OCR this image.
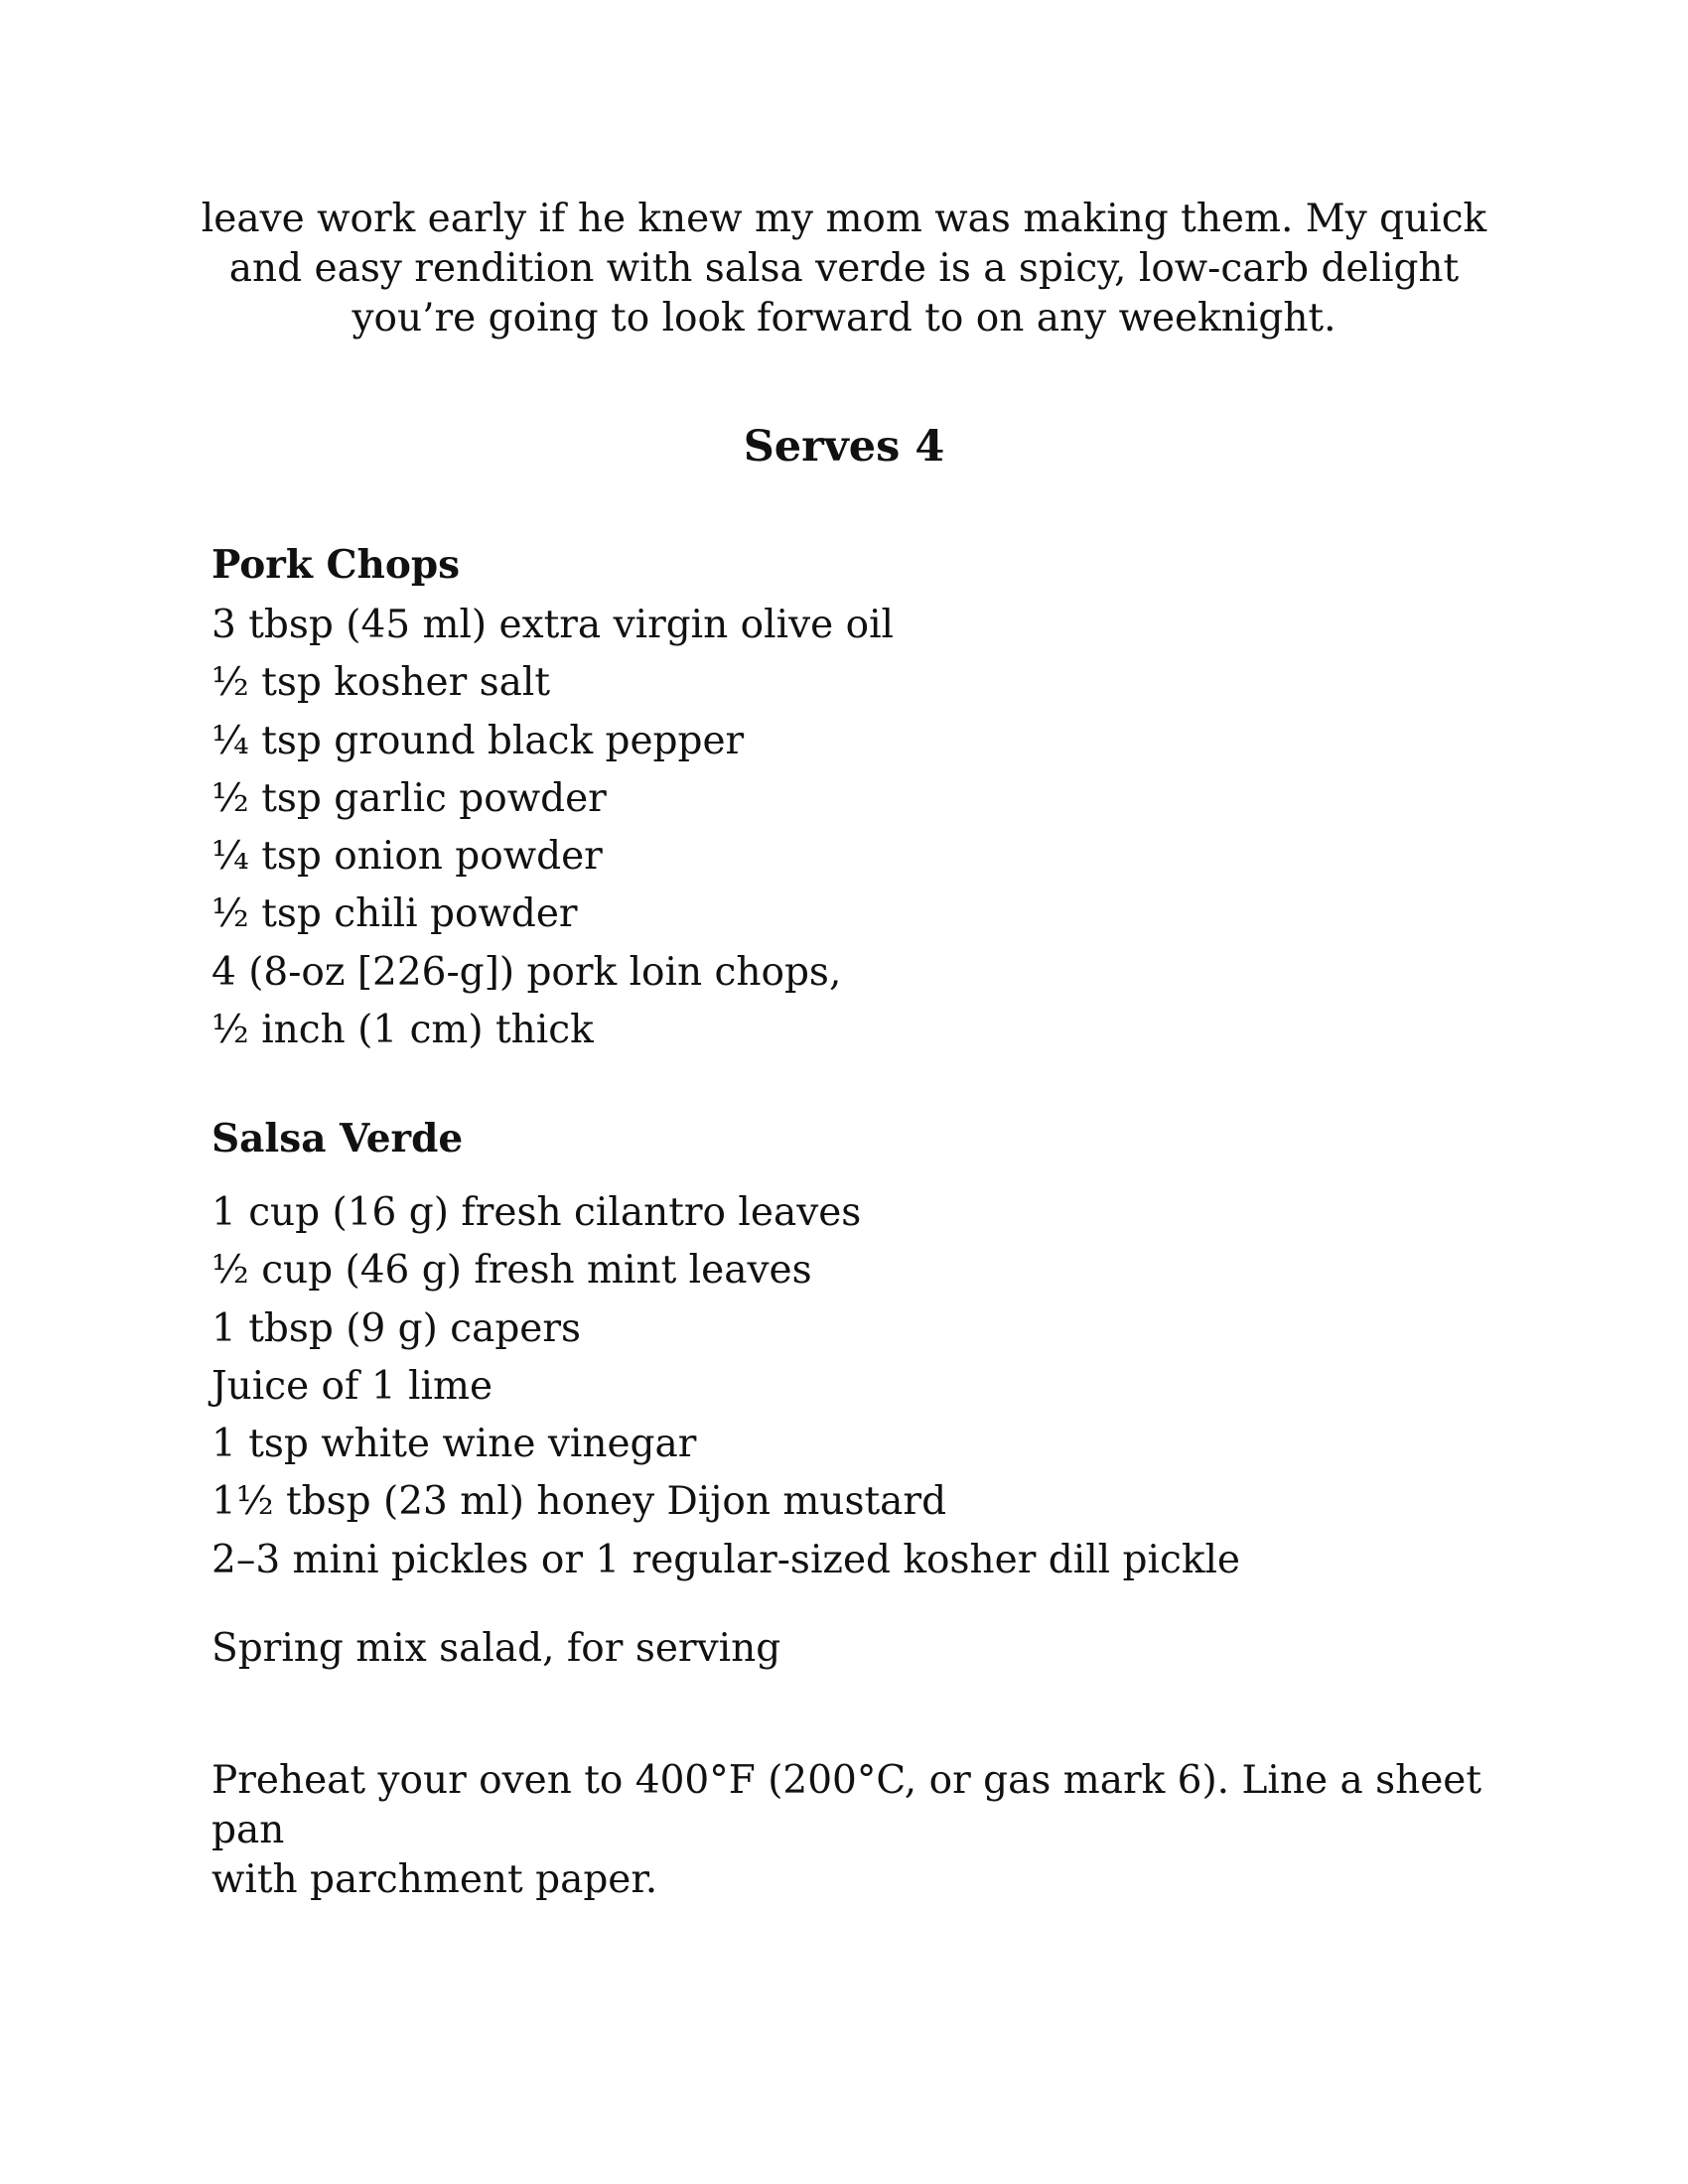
leave work early if he knew my mom was making them. My quick
and easy rendition with salsa verde is a spicy, low-carb delight
you’re going to look forward to on any weeknight.
Serves 4
Pork Chops
3 tbsp (45 ml) extra virgin olive oil
½ tsp kosher salt
¼ tsp ground black pepper
½ tsp garlic powder
¼ tsp onion powder
½ tsp chili powder
4 (8-oz [226-g]) pork loin chops,
½ inch (1 cm) thick
Salsa Verde
1 cup (16 g) fresh cilantro leaves
½ cup (46 g) fresh mint leaves
1 tbsp (9 g) capers
Juice of 1 lime
1 tsp white wine vinegar
1½ tbsp (23 ml) honey Dijon mustard
2–3 mini pickles or 1 regular-sized kosher dill pickle
Spring mix salad, for serving
Preheat your oven to 400°F (200°C, or gas mark 6). Line a sheet pan
with parchment paper.
